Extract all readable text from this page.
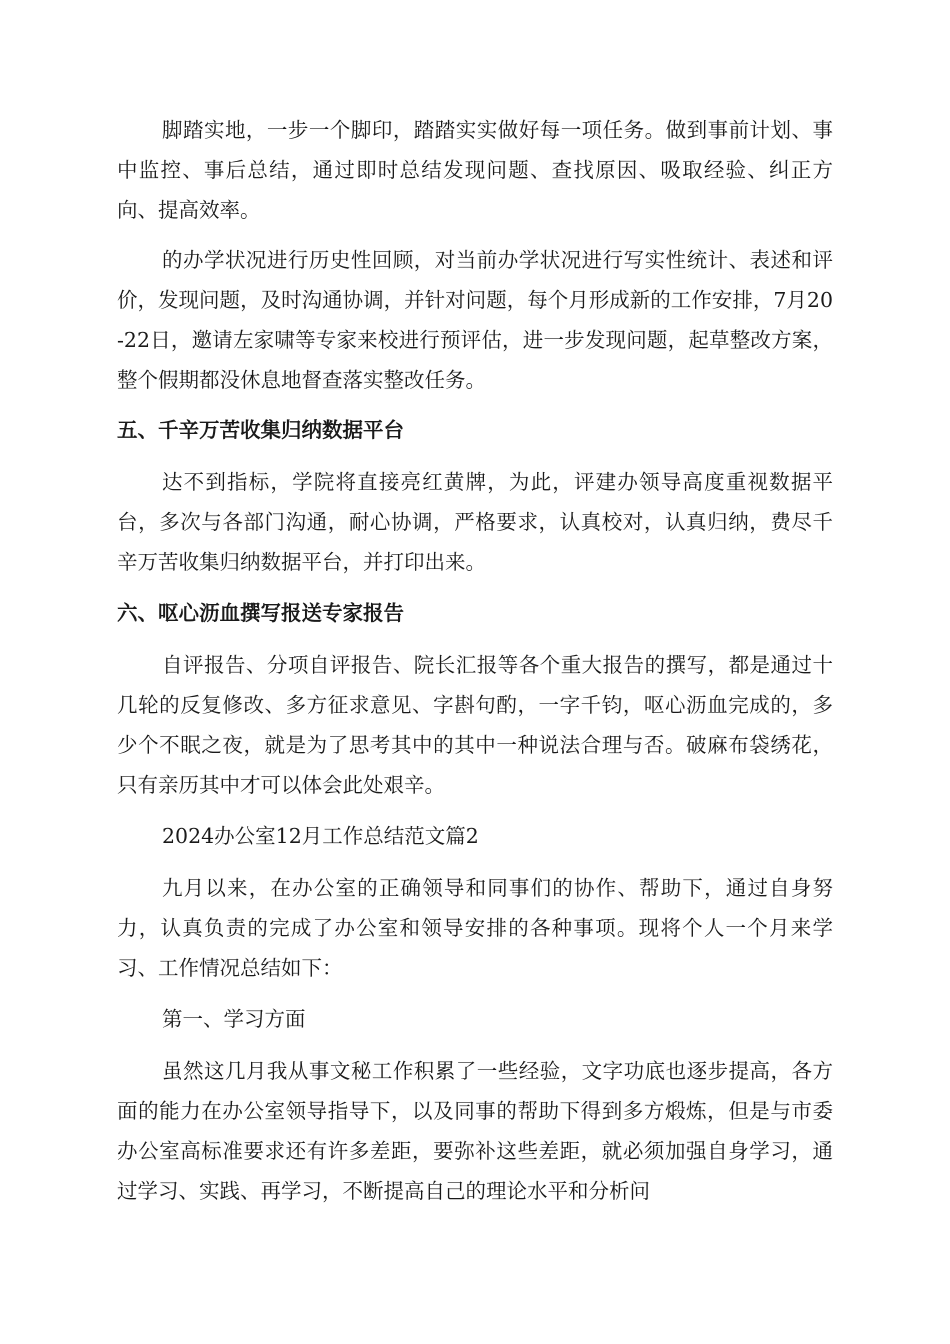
脚踏实地，一步一个脚印，踏踏实实做好每一项任务。做到事前计划、事中监控、事后总结，通过即时总结发现问题、查找原因、吸取经验、纠正方向、提高效率。

的办学状况进行历史性回顾，对当前办学状况进行写实性统计、表述和评价，发现问题，及时沟通协调，并针对问题，每个月形成新的工作安排，7月20-22日，邀请左家啸等专家来校进行预评估，进一步发现问题，起草整改方案，整个假期都没休息地督查落实整改任务。

五、千辛万苦收集归纳数据平台

达不到指标，学院将直接亮红黄牌，为此，评建办领导高度重视数据平台，多次与各部门沟通，耐心协调，严格要求，认真校对，认真归纳，费尽千辛万苦收集归纳数据平台，并打印出来。

六、呕心沥血撰写报送专家报告

自评报告、分项自评报告、院长汇报等各个重大报告的撰写，都是通过十几轮的反复修改、多方征求意见、字斟句酌，一字千钧，呕心沥血完成的，多少个不眠之夜，就是为了思考其中的其中一种说法合理与否。破麻布袋绣花，只有亲历其中才可以体会此处艰辛。

2024办公室12月工作总结范文篇2

九月以来，在办公室的正确领导和同事们的协作、帮助下，通过自身努力，认真负责的完成了办公室和领导安排的各种事项。现将个人一个月来学习、工作情况总结如下：

第一、学习方面

虽然这几月我从事文秘工作积累了一些经验，文字功底也逐步提高，各方面的能力在办公室领导指导下，以及同事的帮助下得到多方煅炼，但是与市委办公室高标准要求还有许多差距，要弥补这些差距，就必须加强自身学习，通过学习、实践、再学习，不断提高自己的理论水平和分析问
